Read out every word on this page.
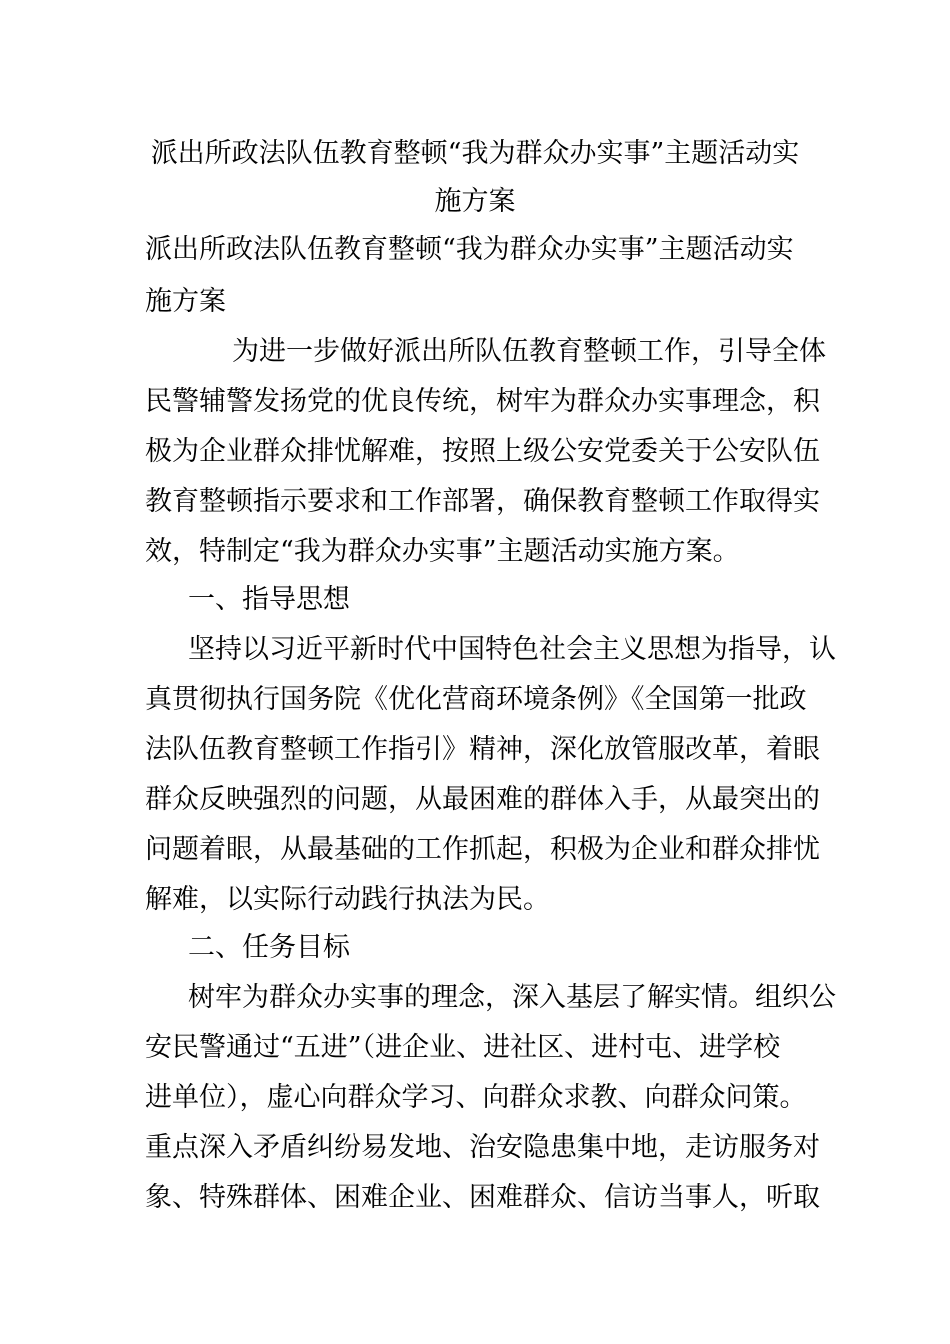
派出所政法队伍教育整顿“我为群众办实事”主题活动实
施方案
派出所政法队伍教育整顿“我为群众办实事”主题活动实
施方案
为进一步做好派出所队伍教育整顿工作，引导全体
民警辅警发扬党的优良传统，树牢为群众办实事理念，积
极为企业群众排忧解难，按照上级公安党委关于公安队伍
教育整顿指示要求和工作部署，确保教育整顿工作取得实
效，特制定“我为群众办实事”主题活动实施方案。
一、指导思想
坚持以习近平新时代中国特色社会主义思想为指导，认
真贯彻执行国务院《优化营商环境条例》《全国第一批政
法队伍教育整顿工作指引》精神，深化放管服改革，着眼
群众反映强烈的问题，从最困难的群体入手，从最突出的
问题着眼，从最基础的工作抓起，积极为企业和群众排忧
解难，以实际行动践行执法为民。
二、任务目标
树牢为群众办实事的理念，深入基层了解实情。组织公
安民警通过“五进”（进企业、进社区、进村屯、进学校
进单位），虚心向群众学习、向群众求教、向群众问策。
重点深入矛盾纠纷易发地、治安隐患集中地，走访服务对
象、特殊群体、困难企业、困难群众、信访当事人，听取
